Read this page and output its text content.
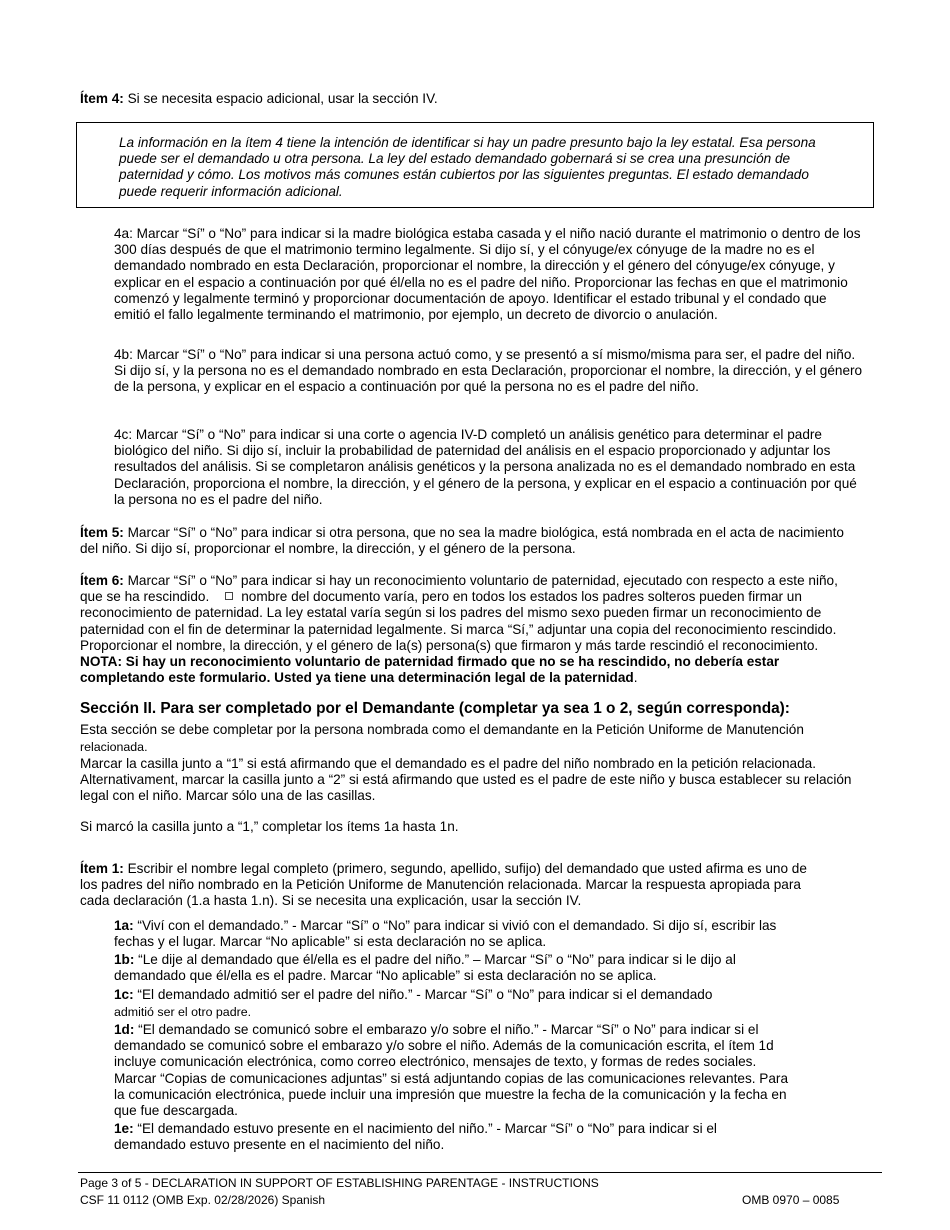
Ítem 4: Si se necesita espacio adicional, usar la sección IV.

La información en la ítem 4 tiene la intención de identificar si hay un padre presunto bajo la ley estatal. Esa persona puede ser el demandado u otra persona. La ley del estado demandado gobernará si se crea una presunción de paternidad y cómo. Los motivos más comunes están cubiertos por las siguientes preguntas. El estado demandado puede requerir información adicional.

4a: Marcar “Sí” o “No” para indicar si la madre biológica estaba casada y el niño nació durante el matrimonio o dentro de los 300 días después de que el matrimonio termino legalmente. Si dijo sí, y el cónyuge/ex cónyuge de la madre no es el demandado nombrado en esta Declaración, proporcionar el nombre, la dirección y el género del cónyuge/ex cónyuge, y explicar en el espacio a continuación por qué él/ella no es el padre del niño. Proporcionar las fechas en que el matrimonio comenzó y legalmente terminó y proporcionar documentación de apoyo. Identificar el estado tribunal y el condado que emitió el fallo legalmente terminando el matrimonio, por ejemplo, un decreto de divorcio o anulación.

4b: Marcar “Sí” o “No” para indicar si una persona actuó como, y se presentó a sí mismo/misma para ser, el padre del niño. Si dijo sí, y la persona no es el demandado nombrado en esta Declaración, proporcionar el nombre, la dirección, y el género de la persona, y explicar en el espacio a continuación por qué la persona no es el padre del niño.

4c: Marcar “Sí” o “No” para indicar si una corte o agencia IV-D completó un análisis genético para determinar el padre biológico del niño. Si dijo sí, incluir la probabilidad de paternidad del análisis en el espacio proporcionado y adjuntar los resultados del análisis. Si se completaron análisis genéticos y la persona analizada no es el demandado nombrado en esta Declaración, proporciona el nombre, la dirección, y el género de la persona, y explicar en el espacio a continuación por qué la persona no es el padre del niño.

Ítem 5: Marcar “Sí” o “No” para indicar si otra persona, que no sea la madre biológica, está nombrada en el acta de nacimiento del niño. Si dijo sí, proporcionar el nombre, la dirección, y el género de la persona.

Ítem 6: Marcar “Sí” o “No” para indicar si hay un reconocimiento voluntario de paternidad, ejecutado con respecto a este niño, que se ha rescindido. nombre del documento varía, pero en todos los estados los padres solteros pueden firmar un reconocimiento de paternidad. La ley estatal varía según si los padres del mismo sexo pueden firmar un reconocimiento de paternidad con el fin de determinar la paternidad legalmente. Si marca “Sí,” adjuntar una copia del reconocimiento rescindido. Proporcionar el nombre, la dirección, y el género de la(s) persona(s) que firmaron y más tarde rescindió el reconocimiento. NOTA: Si hay un reconocimiento voluntario de paternidad firmado que no se ha rescindido, no debería estar completando este formulario. Usted ya tiene una determinación legal de la paternidad.

Sección II. Para ser completado por el Demandante (completar ya sea 1 o 2, según corresponda):

Esta sección se debe completar por la persona nombrada como el demandante en la Petición Uniforme de Manutención

relacionada.

Marcar la casilla junto a “1” si está afirmando que el demandado es el padre del niño nombrado en la petición relacionada. Alternativament, marcar la casilla junto a “2” si está afirmando que usted es el padre de este niño y busca establecer su relación legal con el niño. Marcar sólo una de las casillas.

Si marcó la casilla junto a “1,” completar los ítems 1a hasta 1n.

Ítem 1: Escribir el nombre legal completo (primero, segundo, apellido, sufijo) del demandado que usted afirma es uno de los padres del niño nombrado en la Petición Uniforme de Manutención relacionada. Marcar la respuesta apropiada para cada declaración (1.a hasta 1.n). Si se necesita una explicación, usar la sección IV.

1a: “Viví con el demandado.” - Marcar “Sí” o “No” para indicar si vivió con el demandado. Si dijo sí, escribir las fechas y el lugar. Marcar “No aplicable” si esta declaración no se aplica.

1b: “Le dije al demandado que él/ella es el padre del niño.” – Marcar “Sí” o “No” para indicar si le dijo al demandado que él/ella es el padre. Marcar “No aplicable” si esta declaración no se aplica.

1c: “El demandado admitió ser el padre del niño.” - Marcar “Sí” o “No” para indicar si el demandado

admitió ser el otro padre.

1d: “El demandado se comunicó sobre el embarazo y/o sobre el niño.” - Marcar “Sí” o No” para indicar si el demandado se comunicó sobre el embarazo y/o sobre el niño. Además de la comunicación escrita, el ítem 1d incluye comunicación electrónica, como correo electrónico, mensajes de texto, y formas de redes sociales. Marcar “Copias de comunicaciones adjuntas” si está adjuntando copias de las comunicaciones relevantes. Para la comunicación electrónica, puede incluir una impresión que muestre la fecha de la comunicación y la fecha en que fue descargada.

1e: “El demandado estuvo presente en el nacimiento del niño.” - Marcar “Sí” o “No” para indicar si el demandado estuvo presente en el nacimiento del niño.

Page 3 of 5 - DECLARATION IN SUPPORT OF ESTABLISHING PARENTAGE - INSTRUCTIONS

CSF 11 0112 (OMB Exp. 02/28/2026) Spanish	OMB 0970 – 0085
